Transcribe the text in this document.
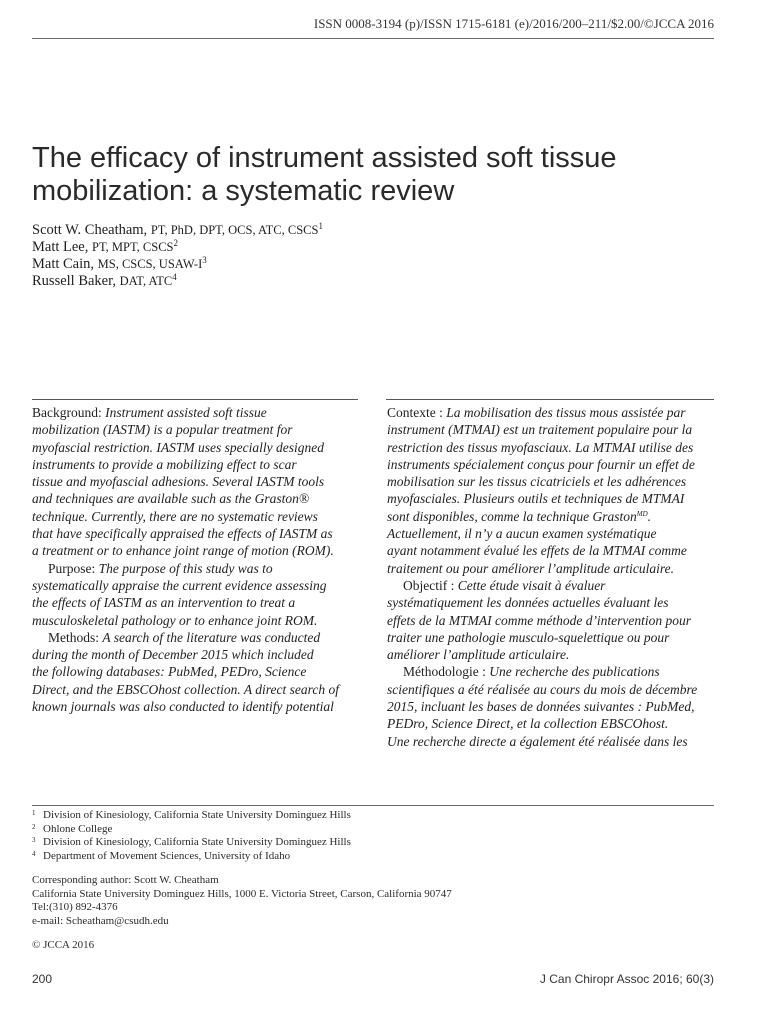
ISSN 0008-3194 (p)/ISSN 1715-6181 (e)/2016/200–211/$2.00/©JCCA 2016
The efficacy of instrument assisted soft tissue
mobilization: a systematic review
Scott W. Cheatham, PT, PhD, DPT, OCS, ATC, CSCS$^1$
Matt Lee, PT, MPT, CSCS$^2$
Matt Cain, MS, CSCS, USAW-$I^3$
Russell Baker, DAT, ATC$^4$
Background: Instrument assisted soft tissue
mobilization (IASTM) is a popular treatment for
myofascial restriction. IASTM uses specially designed
instruments to provide a mobilizing effect to scar
tissue and myofascial adhesions. Several IASTM tools
and techniques are available such as the Graston®
technique. Currently, there are no systematic reviews
that have specifically appraised the effects of IASTM as
a treatment or to enhance joint range of motion (ROM).
Purpose: The purpose of this study was to
systematically appraise the current evidence assessing
the effects of IASTM as an intervention to treat a
musculoskeletal pathology or to enhance joint ROM.
Methods: A search of the literature was conducted
during the month of December 2015 which included
the following databases: PubMed, PEDro, Science
Direct, and the EBSCOhost collection. A direct search of
known journals was also conducted to identify potential
Contexte : La mobilisation des tissus mous assistée par
instrument (MTMAI) est un traitement populaire pour la
restriction des tissus myofasciaux. La MTMAI utilise des
instruments spécialement conçus pour fournir un effet de
mobilisation sur les tissus cicatriciels et les adhérences
myofasciales. Plusieurs outils et techniques de MTMAI
sont disponibles, comme la technique Graston$^{MD}$.
Actuellement, il n’y a aucun examen systématique
ayant notamment évalué les effets de la MTMAI comme
traitement ou pour améliorer l’amplitude articulaire.
Objectif : Cette étude visait à évaluer
systématiquement les données actuelles évaluant les
effets de la MTMAI comme méthode d’intervention pour
traiter une pathologie musculo-squelettique ou pour
améliorer l’amplitude articulaire.
Méthodologie : Une recherche des publications
scientifiques a été réalisée au cours du mois de décembre
2015, incluant les bases de données suivantes : PubMed,
PEDro, Science Direct, et la collection EBSCOhost.
Une recherche directe a également été réalisée dans les
1 Division of Kinesiology, California State University Dominguez Hills
2 Ohlone College
3 Division of Kinesiology, California State University Dominguez Hills
4 Department of Movement Sciences, University of Idaho
Corresponding author: Scott W. Cheatham
California State University Dominguez Hills, 1000 E. Victoria Street, Carson, California 90747
Tel:(310) 892-4376
e-mail: Scheatham@csudh.edu
© JCCA 2016
200	J Can Chiropr Assoc 2016; 60(3)
